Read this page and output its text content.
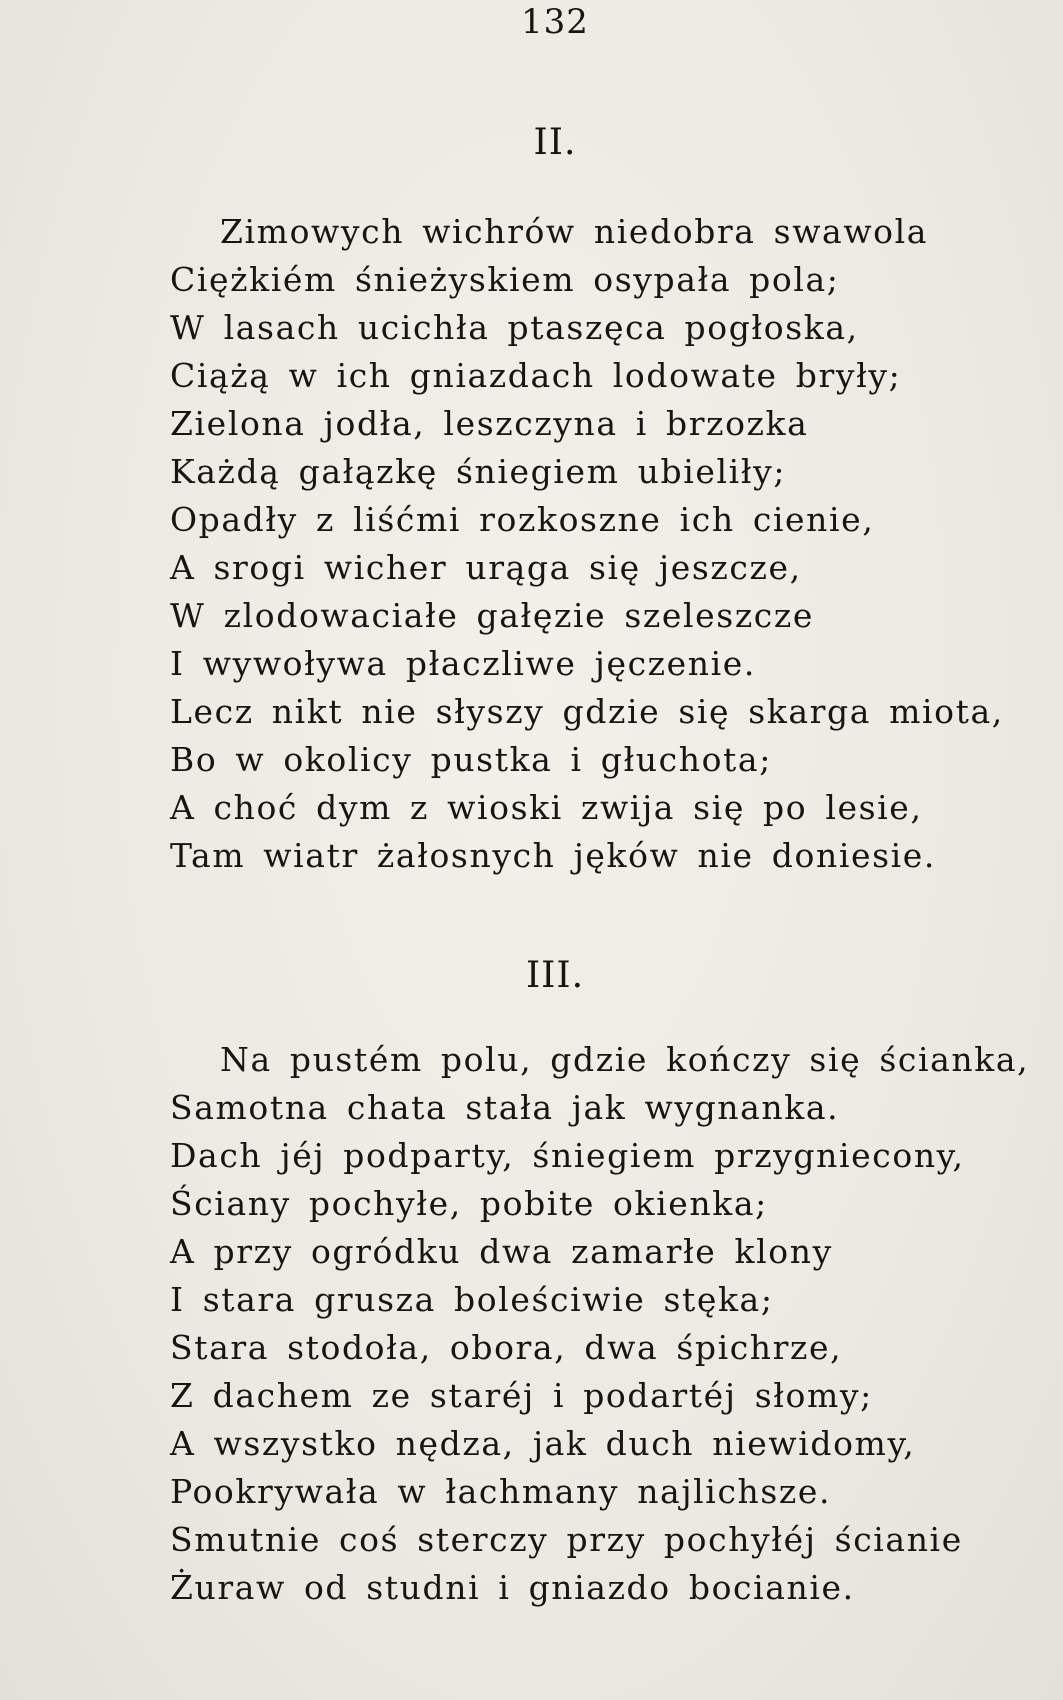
132
II.
Zimowych wichrów niedobra swawola
Ciężkiém śnieżyskiem osypała pola;
W lasach ucichła ptaszęca pogłoska,
Ciążą w ich gniazdach lodowate bryły;
Zielona jodła, leszczyna i brzozka
Każdą gałązkę śniegiem ubieliły;
Opadły z liśćmi rozkoszne ich cienie,
A srogi wicher urąga się jeszcze,
W zlodowaciałe gałęzie szeleszcze
I wywoływa płaczliwe jęczenie.
Lecz nikt nie słyszy gdzie się skarga miota,
Bo w okolicy pustka i głuchota;
A choć dym z wioski zwija się po lesie,
Tam wiatr żałosnych jęków nie doniesie.
III.
Na pustém polu, gdzie kończy się ścianka,
Samotna chata stała jak wygnanka.
Dach jéj podparty, śniegiem przygniecony,
Ściany pochyłe, pobite okienka;
A przy ogródku dwa zamarłe klony
I stara grusza boleściwie stęka;
Stara stodoła, obora, dwa śpichrze,
Z dachem ze staréj i podartéj słomy;
A wszystko nędza, jak duch niewidomy,
Pookrywała w łachmany najlichsze.
Smutnie coś sterczy przy pochyłéj ścianie
Żuraw od studni i gniazdo bocianie.
